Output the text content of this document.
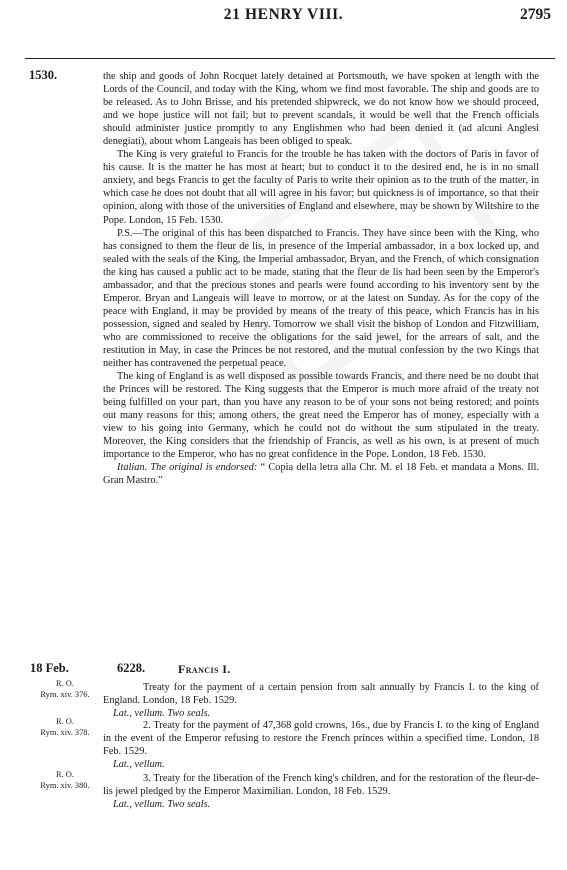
21 HENRY VIII.	2795
1530.	the ship and goods of John Rocquet lately detained at Portsmouth, we have spoken at length with the Lords of the Council, and today with the King, whom we find most favorable. The ship and goods are to be released. As to John Brisse, and his pretended shipwreck, we do not know how we should proceed, and we hope justice will not fail; but to prevent scandals, it would be well that the French officials should administer justice promptly to any Englishmen who had been denied it (ad alcuni Anglesi denegiati), about whom Langeais has been obliged to speak.

The King is very grateful to Francis for the trouble he has taken with the doctors of Paris in favor of his cause. It is the matter he has most at heart; but to conduct it to the desired end, he is in no small anxiety, and begs Francis to get the faculty of Paris to write their opinion as to the truth of the matter, in which case he does not doubt that all will agree in his favor; but quickness is of importance, so that their opinion, along with those of the universities of England and elsewhere, may be shown by Wiltshire to the Pope. London, 15 Feb. 1530.

P.S.—The original of this has been dispatched to Francis. They have since been with the King, who has consigned to them the fleur de lis, in presence of the Imperial ambassador, in a box locked up, and sealed with the seals of the King, the Imperial ambassador, Bryan, and the French, of which consignation the king has caused a public act to be made, stating that the fleur de lis had been seen by the Emperor's ambassador, and that the precious stones and pearls were found according to his inventory sent by the Emperor. Bryan and Langeais will leave to morrow, or at the latest on Sunday. As for the copy of the peace with England, it may be provided by means of the treaty of this peace, which Francis has in his possession, signed and sealed by Henry. Tomorrow we shall visit the bishop of London and Fitzwilliam, who are commissioned to receive the obligations for the said jewel, for the arrears of salt, and the restitution in May, in case the Princes be not restored, and the mutual confession by the two Kings that neither has contravened the perpetual peace.

The king of England is as well disposed as possible towards Francis, and there need be no doubt that the Princes will be restored. The King suggests that the Emperor is much more afraid of the treaty not being fulfilled on your part, than you have any reason to be of your sons not being restored; and points out many reasons for this; among others, the great need the Emperor has of money, especially with a view to his going into Germany, which he could not do without the sum stipulated in the treaty. Moreover, the King considers that the friendship of Francis, as well as his own, is at present of much importance to the Emperor, who has no great confidence in the Pope. London, 18 Feb. 1530.

Italian. The original is endorsed: “ Copia della letra alla Chr. M. el 18 Feb. et mandata a Mons. Ill. Gran Mastro.”

18 Feb.	6228.	Francis I.
R. O.
Rym. xiv. 376.
Treaty for the payment of a certain pension from salt annually by Francis I. to the king of England. London, 18 Feb. 1529.
Lat., vellum. Two seals.
R. O.
Rym. xiv. 378.
2. Treaty for the payment of 47,368 gold crowns, 16s., due by Francis I. to the king of England in the event of the Emperor refusing to restore the French princes within a specified time. London, 18 Feb. 1529.
Lat., vellum.
R. O.
Rym. xiv. 380.
3. Treaty for the liberation of the French king's children, and for the restoration of the fleur-de-lis jewel pledged by the Emperor Maximilian. London, 18 Feb. 1529.
Lat., vellum. Two seals.
